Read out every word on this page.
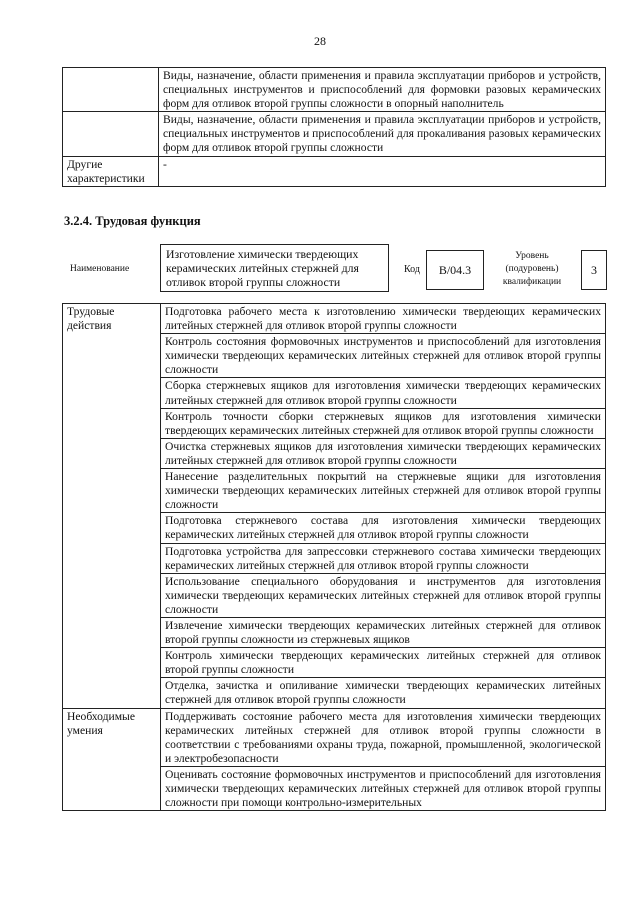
28
	Виды, назначение, области применения и правила эксплуатации приборов и устройств, специальных инструментов и приспособлений для формовки разовых керамических форм для отливок второй группы сложности в опорный наполнитель
	Виды, назначение, области применения и правила эксплуатации приборов и устройств, специальных инструментов и приспособлений для прокаливания разовых керамических форм для отливок второй группы сложности
Другие характеристики	-
3.2.4. Трудовая функция
Наименование
Изготовление химически твердеющих керамических литейных стержней для отливок второй группы сложности
Код	B/04.3
Уровень (подуровень) квалификации
3
Трудовые действия	Подготовка рабочего места к изготовлению химически твердеющих керамических литейных стержней для отливок второй группы сложности
	Контроль состояния формовочных инструментов и приспособлений для изготовления химически твердеющих керамических литейных стержней для отливок второй группы сложности
	Сборка стержневых ящиков для изготовления химически твердеющих керамических литейных стержней для отливок второй группы сложности
	Контроль точности сборки стержневых ящиков для изготовления химически твердеющих керамических литейных стержней для отливок второй группы сложности
	Очистка стержневых ящиков для изготовления химически твердеющих керамических литейных стержней для отливок второй группы сложности
	Нанесение разделительных покрытий на стержневые ящики для изготовления химически твердеющих керамических литейных стержней для отливок второй группы сложности
	Подготовка стержневого состава для изготовления химически твердеющих керамических литейных стержней для отливок второй группы сложности
	Подготовка устройства для запрессовки стержневого состава химически твердеющих керамических литейных стержней для отливок второй группы сложности
	Использование специального оборудования и инструментов для изготовления химически твердеющих керамических литейных стержней для отливок второй группы сложности
	Извлечение химически твердеющих керамических литейных стержней для отливок второй группы сложности из стержневых ящиков
	Контроль химически твердеющих керамических литейных стержней для отливок второй группы сложности
	Отделка, зачистка и опиливание химически твердеющих керамических литейных стержней для отливок второй группы сложности
Необходимые умения	Поддерживать состояние рабочего места для изготовления химически твердеющих керамических литейных стержней для отливок второй группы сложности в соответствии с требованиями охраны труда, пожарной, промышленной, экологической и электробезопасности
	Оценивать состояние формовочных инструментов и приспособлений для изготовления химически твердеющих керамических литейных стержней для отливок второй группы сложности при помощи контрольно-измерительных
